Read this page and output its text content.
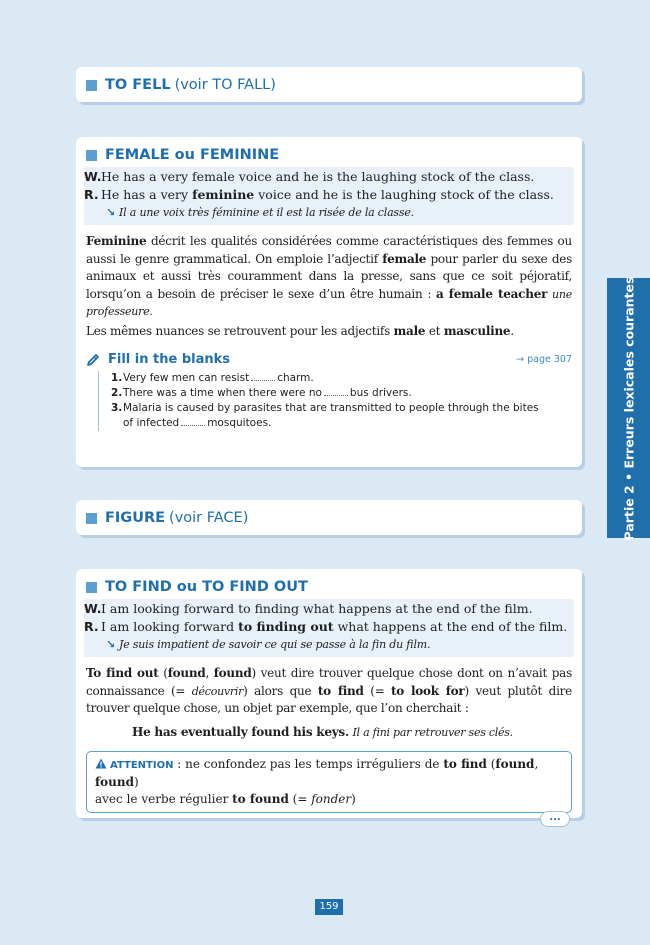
TO FELL (voir TO FALL)
FEMALE ou FEMININE
W. He has a very female voice and he is the laughing stock of the class.
R. He has a very feminine voice and he is the laughing stock of the class.
↘ Il a une voix très féminine et il est la risée de la classe.

Feminine décrit les qualités considérées comme caractéristiques des femmes ou aussi le genre grammatical. On emploie l’adjectif female pour parler du sexe des animaux et aussi très couramment dans la presse, sans que ce soit péjoratif, lorsqu’on a besoin de préciser le sexe d’un être humain : a female teacher une professeure.

Les mêmes nuances se retrouvent pour les adjectifs male et masculine.

Fill in the blanks	→ page 307
1. Very few men can resist	charm.
2. There was a time when there were no	bus drivers.
3. Malaria is caused by parasites that are transmitted to people through the bites
of infected	mosquitoes.
FIGURE (voir FACE)
TO FIND ou TO FIND OUT
W. I am looking forward to finding what happens at the end of the film.
R. I am looking forward to finding out what happens at the end of the film.
↘ Je suis impatient de savoir ce qui se passe à la fin du film.

To find out (found, found) veut dire trouver quelque chose dont on n’avait pas connaissance (= découvrir) alors que to find (= to look for) veut plutôt dire trouver quelque chose, un objet par exemple, que l’on cherchait :

He has eventually found his keys. Il a fini par retrouver ses clés.

ATTENTION : ne confondez pas les temps irréguliers de to find (found, found)
avec le verbe régulier to found (= fonder)
...
Partie 2 • Erreurs lexicales courantes
159
